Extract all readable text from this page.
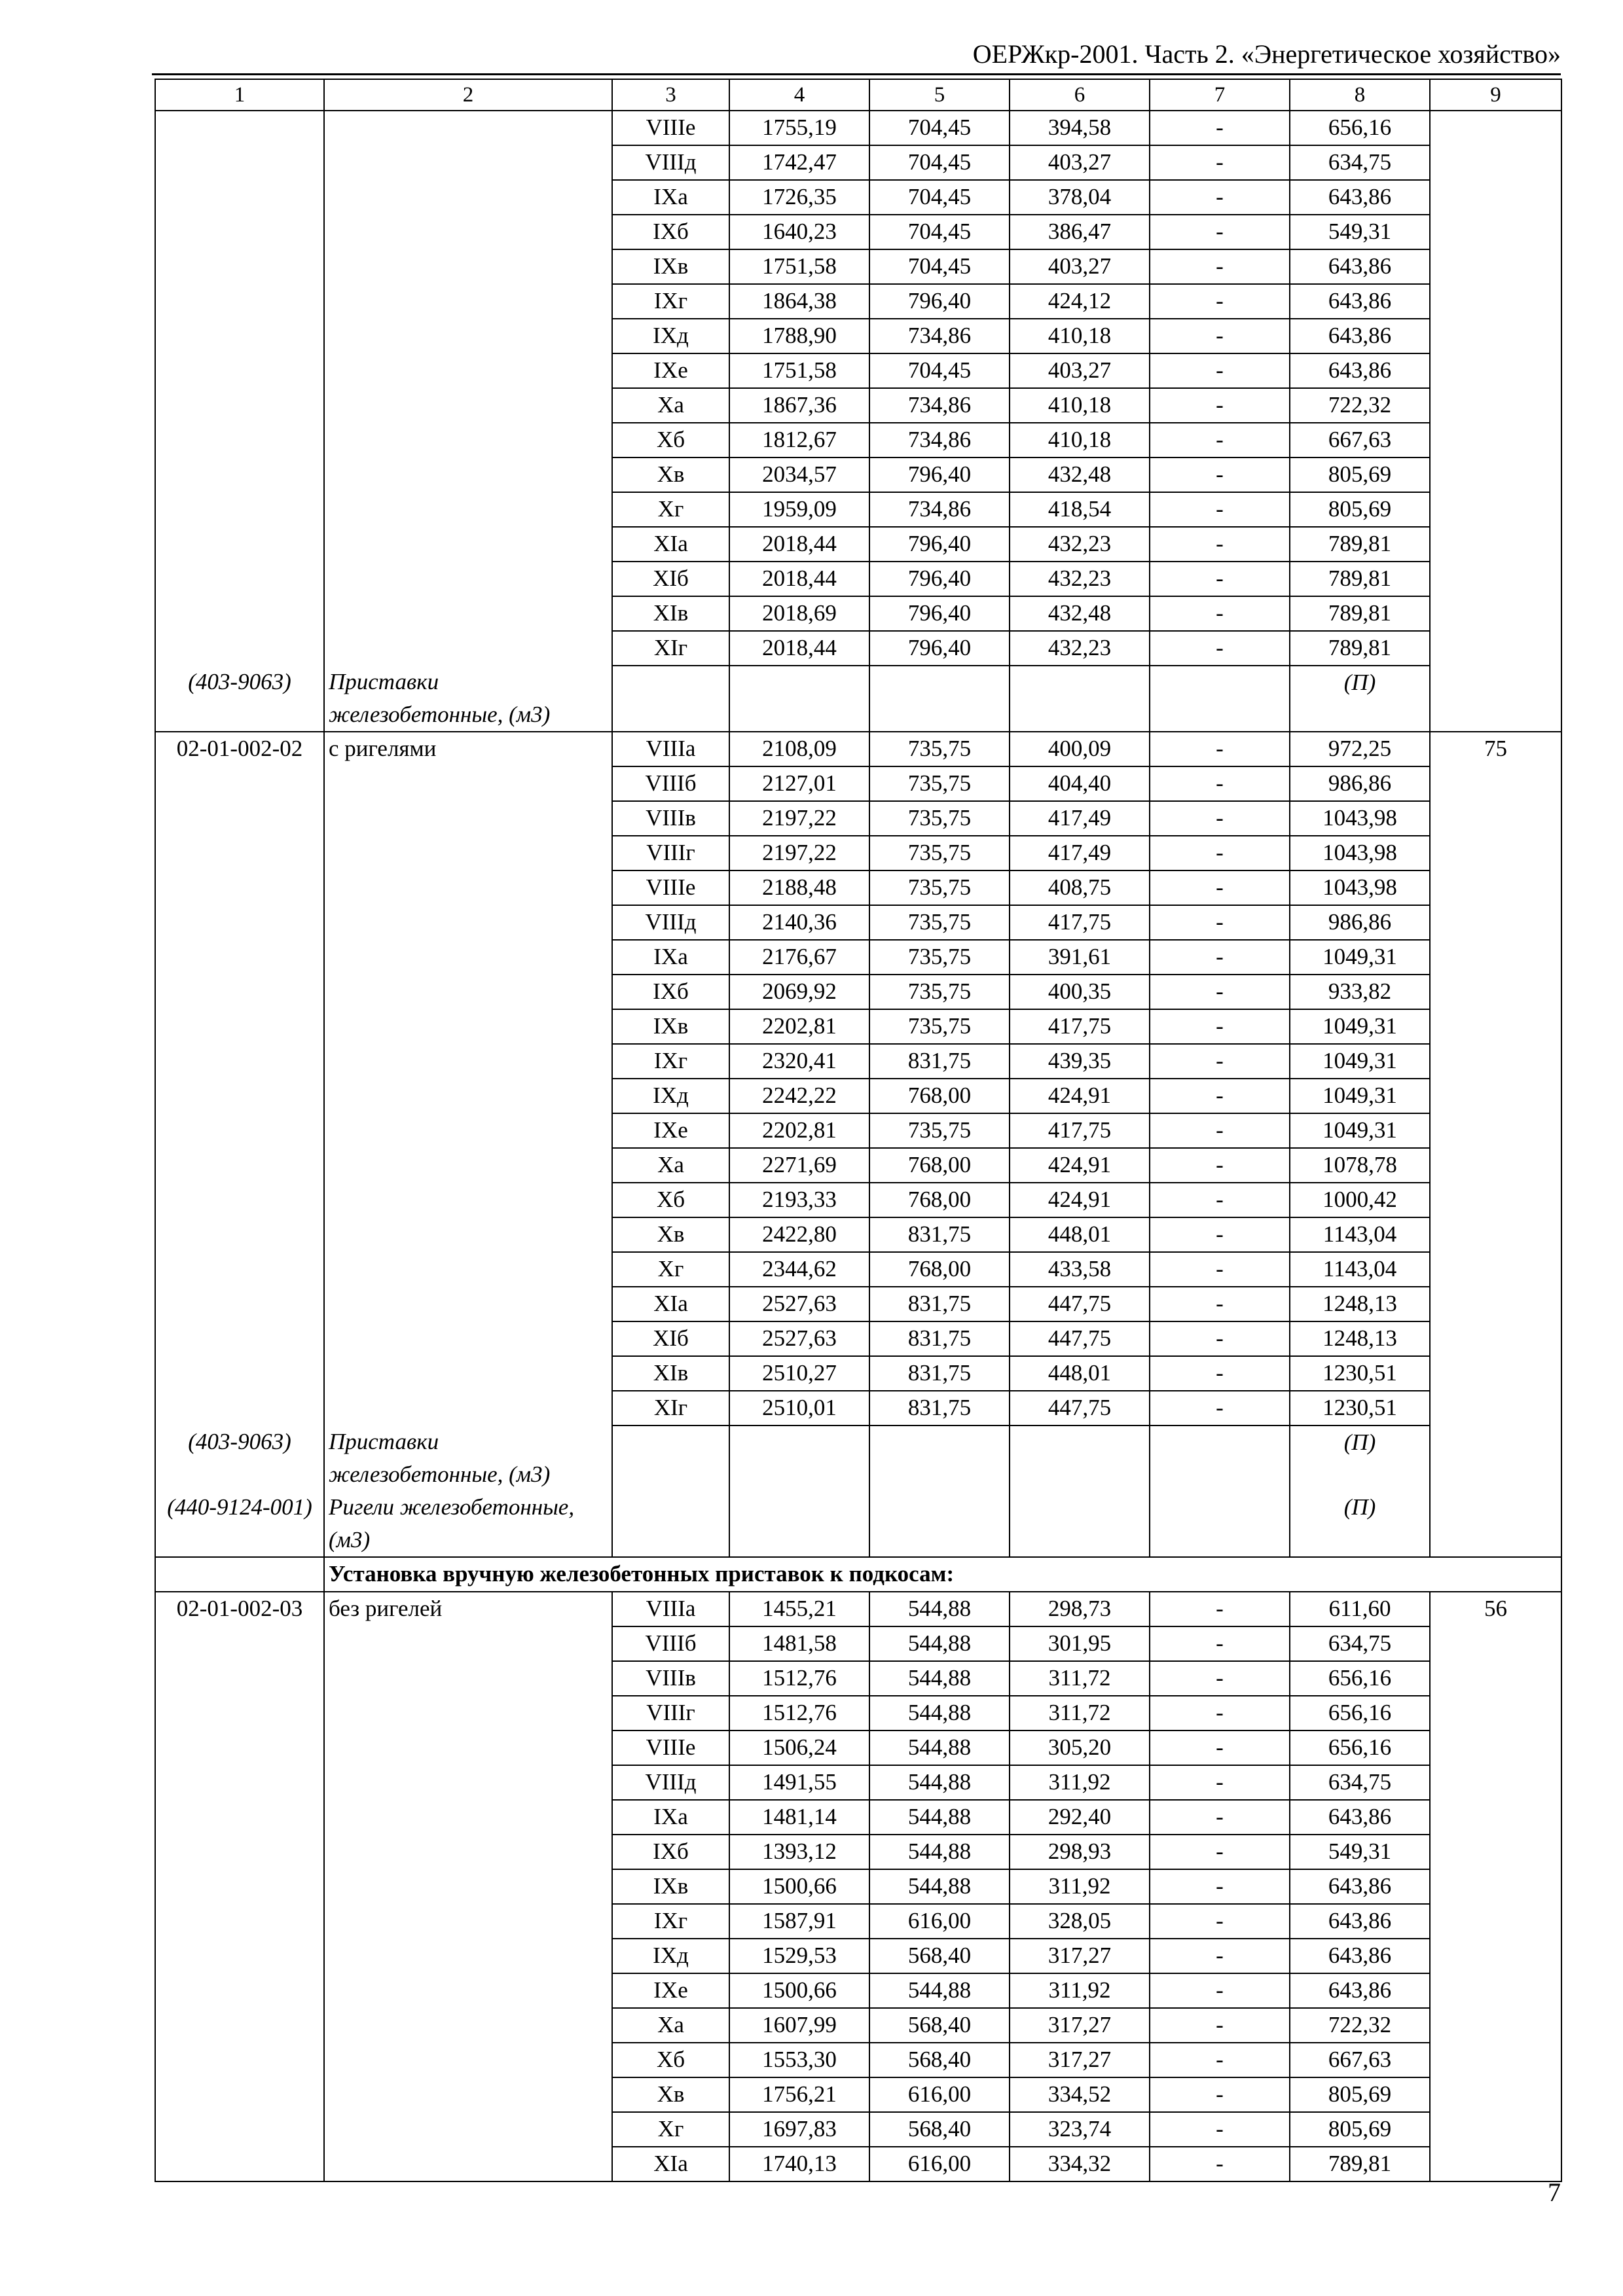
ОЕРЖкр-2001. Часть 2. «Энергетическое хозяйство»
1	2	3	4	5	6	7	8	9
		VIIIе	1755,19	704,45	394,58	-	656,16	
		VIIIд	1742,47	704,45	403,27	-	634,75	
		IXа	1726,35	704,45	378,04	-	643,86	
		IXб	1640,23	704,45	386,47	-	549,31	
		IXв	1751,58	704,45	403,27	-	643,86	
		IXг	1864,38	796,40	424,12	-	643,86	
		IXд	1788,90	734,86	410,18	-	643,86	
		IXе	1751,58	704,45	403,27	-	643,86	
		Xа	1867,36	734,86	410,18	-	722,32	
		Xб	1812,67	734,86	410,18	-	667,63	
		Xв	2034,57	796,40	432,48	-	805,69	
		Xг	1959,09	734,86	418,54	-	805,69	
		XIа	2018,44	796,40	432,23	-	789,81	
		XIб	2018,44	796,40	432,23	-	789,81	
		XIв	2018,69	796,40	432,48	-	789,81	
		XIг	2018,44	796,40	432,23	-	789,81	
(403-9063)	Приставки железобетонные, (м3)						(П)	
02-01-002-02	с ригелями	VIIIа	2108,09	735,75	400,09	-	972,25	75
		VIIIб	2127,01	735,75	404,40	-	986,86	
		VIIIв	2197,22	735,75	417,49	-	1043,98	
		VIIIг	2197,22	735,75	417,49	-	1043,98	
		VIIIе	2188,48	735,75	408,75	-	1043,98	
		VIIIд	2140,36	735,75	417,75	-	986,86	
		IXа	2176,67	735,75	391,61	-	1049,31	
		IXб	2069,92	735,75	400,35	-	933,82	
		IXв	2202,81	735,75	417,75	-	1049,31	
		IXг	2320,41	831,75	439,35	-	1049,31	
		IXд	2242,22	768,00	424,91	-	1049,31	
		IXе	2202,81	735,75	417,75	-	1049,31	
		Xа	2271,69	768,00	424,91	-	1078,78	
		Xб	2193,33	768,00	424,91	-	1000,42	
		Xв	2422,80	831,75	448,01	-	1143,04	
		Xг	2344,62	768,00	433,58	-	1143,04	
		XIа	2527,63	831,75	447,75	-	1248,13	
		XIб	2527,63	831,75	447,75	-	1248,13	
		XIв	2510,27	831,75	448,01	-	1230,51	
		XIг	2510,01	831,75	447,75	-	1230,51	
(403-9063)	Приставки железобетонные, (м3)						(П)	
(440-9124-001)	Ригели железобетонные, (м3)						(П)	
	Установка вручную железобетонных приставок к подкосам:							
02-01-002-03	без ригелей	VIIIа	1455,21	544,88	298,73	-	611,60	56
		VIIIб	1481,58	544,88	301,95	-	634,75	
		VIIIв	1512,76	544,88	311,72	-	656,16	
		VIIIг	1512,76	544,88	311,72	-	656,16	
		VIIIе	1506,24	544,88	305,20	-	656,16	
		VIIIд	1491,55	544,88	311,92	-	634,75	
		IXа	1481,14	544,88	292,40	-	643,86	
		IXб	1393,12	544,88	298,93	-	549,31	
		IXв	1500,66	544,88	311,92	-	643,86	
		IXг	1587,91	616,00	328,05	-	643,86	
		IXд	1529,53	568,40	317,27	-	643,86	
		IXе	1500,66	544,88	311,92	-	643,86	
		Xа	1607,99	568,40	317,27	-	722,32	
		Xб	1553,30	568,40	317,27	-	667,63	
		Xв	1756,21	616,00	334,52	-	805,69	
		Xг	1697,83	568,40	323,74	-	805,69	
		XIа	1740,13	616,00	334,32	-	789,81	
7
